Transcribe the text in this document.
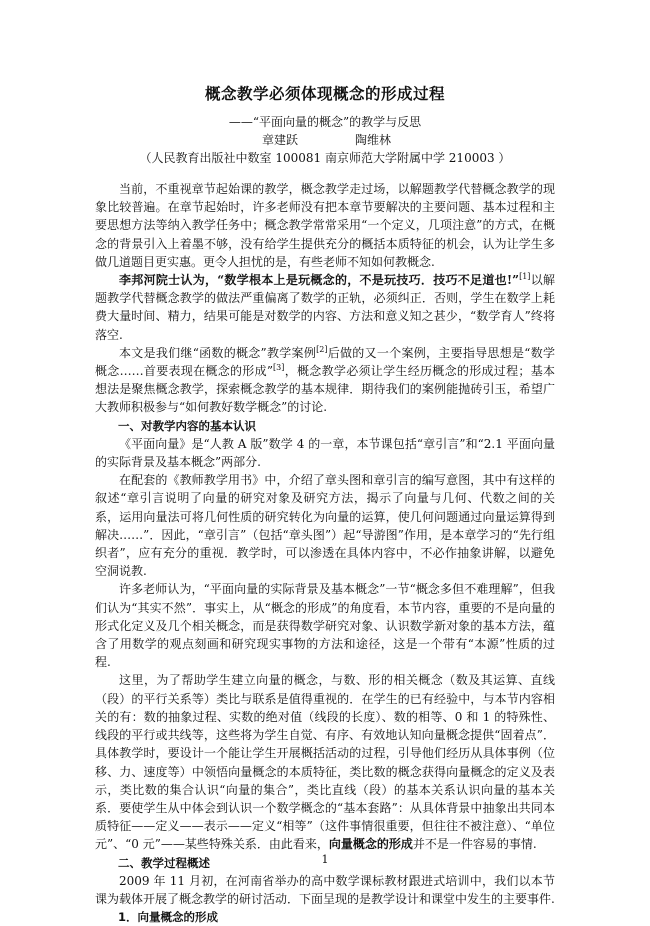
概念教学必须体现概念的形成过程
——“平面向量的概念”的教学与反思
章建跃	陶维林
（人民教育出版社中数室 100081 南京师范大学附属中学 210003 ）

当前，不重视章节起始课的教学，概念教学走过场，以解题教学代替概念教学的现象比较普遍。在章节起始时，许多老师没有把本章节要解决的主要问题、基本过程和主要思想方法等纳入教学任务中；概念教学常常采用“一个定义，几项注意”的方式，在概念的背景引入上着墨不够，没有给学生提供充分的概括本质特征的机会，认为让学生多做几道题目更实惠。更令人担忧的是，有些老师不知如何教概念.

李邦河院士认为，“数学根本上是玩概念的，不是玩技巧．技巧不足道也!”[1]以解题教学代替概念教学的做法严重偏离了数学的正轨，必须纠正．否则，学生在数学上耗费大量时间、精力，结果可能是对数学的内容、方法和意义知之甚少，“数学育人”终将落空.

本文是我们继“函数的概念”教学案例[2]后做的又一个案例，主要指导思想是“数学概念……首要表现在概念的形成”[3]，概念教学必须让学生经历概念的形成过程；基本想法是聚焦概念教学，探索概念教学的基本规律．期待我们的案例能抛砖引玉，希望广大教师积极参与“如何教好数学概念”的讨论.

一、对教学内容的基本认识

《平面向量》是“人教 A 版”数学 4 的一章，本节课包括“章引言”和“2.1 平面向量的实际背景及基本概念”两部分.

在配套的《教师教学用书》中，介绍了章头图和章引言的编写意图，其中有这样的叙述“章引言说明了向量的研究对象及研究方法，揭示了向量与几何、代数之间的关系，运用向量法可将几何性质的研究转化为向量的运算，使几何问题通过向量运算得到解决……”．因此，“章引言”（包括“章头图”）起“导游图”作用，是本章学习的“先行组织者”，应有充分的重视．教学时，可以渗透在具体内容中，不必作抽象讲解，以避免空洞说教.

许多老师认为，“平面向量的实际背景及基本概念”一节“概念多但不难理解”，但我们认为“其实不然”．事实上，从“概念的形成”的角度看，本节内容，重要的不是向量的形式化定义及几个相关概念，而是获得数学研究对象、认识数学新对象的基本方法，蕴含了用数学的观点刻画和研究现实事物的方法和途径，这是一个带有“本源”性质的过程.

这里，为了帮助学生建立向量的概念，与数、形的相关概念（数及其运算、直线（段）的平行关系等）类比与联系是值得重视的．在学生的已有经验中，与本节内容相关的有：数的抽象过程、实数的绝对值（线段的长度）、数的相等、0 和 1 的特殊性、线段的平行或共线等，这些将为学生自觉、有序、有效地认知向量概念提供“固着点”．具体教学时，要设计一个能让学生开展概括活动的过程，引导他们经历从具体事例（位移、力、速度等）中领悟向量概念的本质特征，类比数的概念获得向量概念的定义及表示，类比数的集合认识“向量的集合”，类比直线（段）的基本关系认识向量的基本关系．要使学生从中体会到认识一个数学概念的“基本套路”：从具体背景中抽象出共同本质特征——定义——表示——定义“相等”（这件事情很重要，但往往不被注意）、“单位元”、“0 元”——某些特殊关系．由此看来，向量概念的形成并不是一件容易的事情.

二、教学过程概述

2009 年 11 月初，在河南省举办的高中数学课标教材跟进式培训中，我们以本节课为载体开展了概念教学的研讨活动．下面呈现的是教学设计和课堂中发生的主要事件.

1．向量概念的形成
1
